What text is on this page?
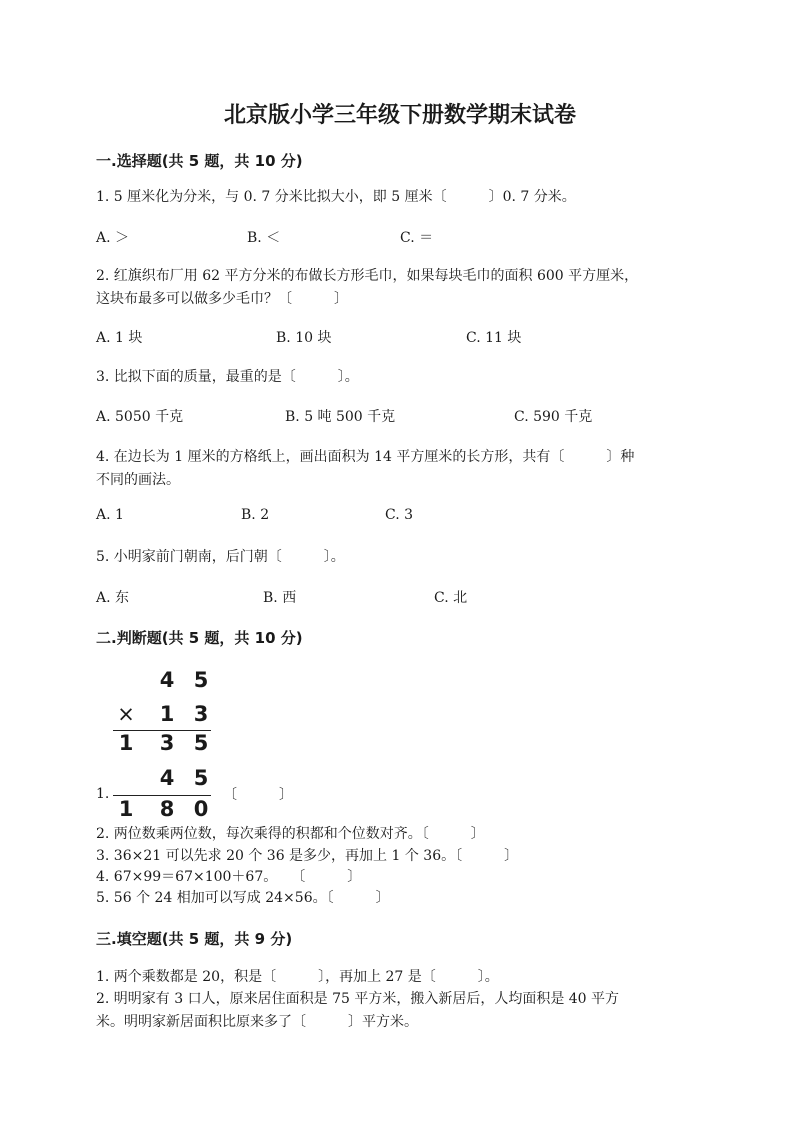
北京版小学三年级下册数学期末试卷
一.选择题(共 5 题，共 10 分)
1. 5 厘米化为分米，与 0. 7 分米比拟大小，即 5 厘米〔　　　〕0. 7 分米。
A. ＞	B. ＜	C. ＝
2. 红旗织布厂用 62 平方分米的布做长方形毛巾，如果每块毛巾的面积 600 平方厘米，
这块布最多可以做多少毛巾？〔　　　〕
A. 1 块	B. 10 块	C. 11 块
3. 比拟下面的质量，最重的是〔　　　〕。
A. 5050 千克	B. 5 吨 500 千克	C. 590 千克
4. 在边长为 1 厘米的方格纸上，画出面积为 14 平方厘米的长方形，共有〔　　　〕种
不同的画法。
A. 1	B. 2	C. 3
5. 小明家前门朝南，后门朝〔　　　〕。
A. 东	B. 西	C. 北
二.判断题(共 5 题，共 10 分)
4 5
× 1 3
1 3 5
4 5
1 8 0
1.	〔　　　〕
2. 两位数乘两位数，每次乘得的积都和个位数对齐。〔　　　〕
3. 36×21 可以先求 20 个 36 是多少，再加上 1 个 36。〔　　　〕
4. 67×99＝67×100＋67。　　〔　　　〕
5. 56 个 24 相加可以写成 24×56。〔　　　〕
三.填空题(共 5 题，共 9 分)
1. 两个乘数都是 20，积是〔　　　〕，再加上 27 是〔　　　〕。
2. 明明家有 3 口人，原来居住面积是 75 平方米，搬入新居后，人均面积是 40 平方
米。明明家新居面积比原来多了〔　　　〕平方米。
